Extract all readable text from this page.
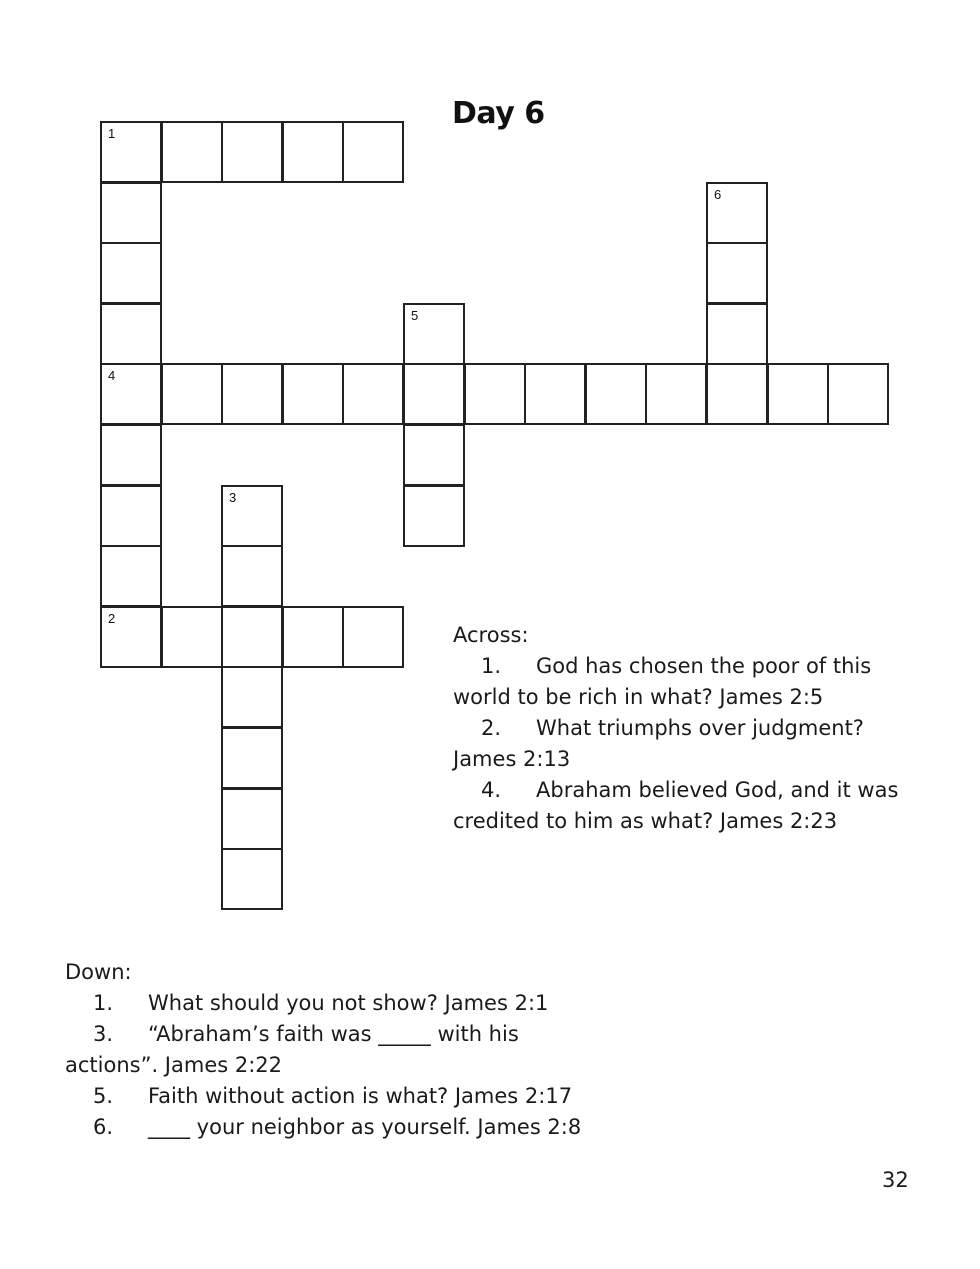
Day 6
1
6
5
4
3
2
Across:
1. God has chosen the poor of this
world to be rich in what? James 2:5
2. What triumphs over judgment?
James 2:13
4. Abraham believed God, and it was
credited to him as what? James 2:23
Down:
1. What should you not show? James 2:1
3. “Abraham’s faith was _____ with his
actions”. James 2:22
5. Faith without action is what? James 2:17
6. ____ your neighbor as yourself. James 2:8
32
